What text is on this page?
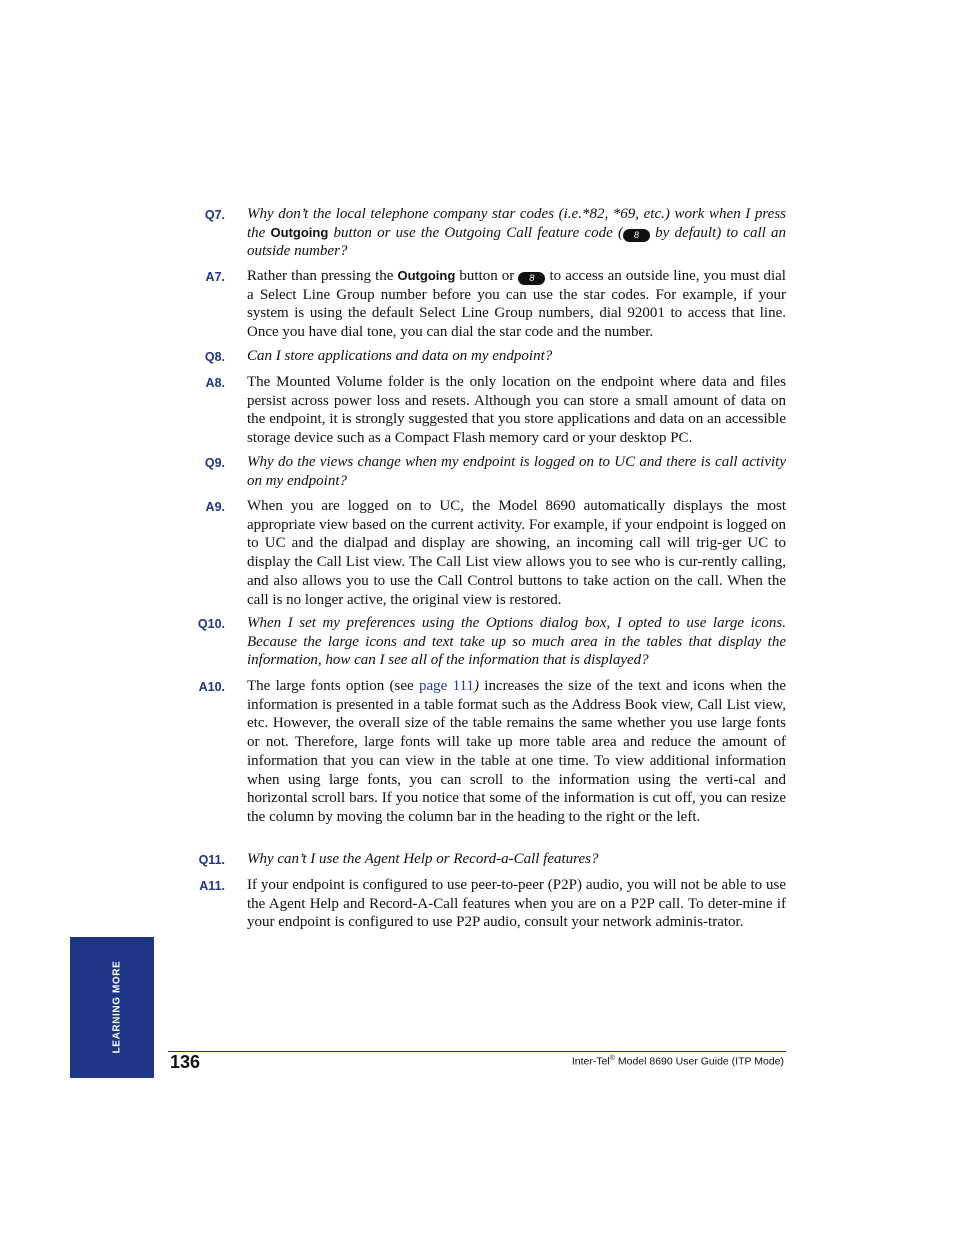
Q7. Why don’t the local telephone company star codes (i.e.*82, *69, etc.) work when I press the Outgoing button or use the Outgoing Call feature code ( 8 by default) to call an outside number?
A7. Rather than pressing the Outgoing button or 8 to access an outside line, you must dial a Select Line Group number before you can use the star codes. For example, if your system is using the default Select Line Group numbers, dial 92001 to access that line. Once you have dial tone, you can dial the star code and the number.
Q8. Can I store applications and data on my endpoint?
A8. The Mounted Volume folder is the only location on the endpoint where data and files persist across power loss and resets. Although you can store a small amount of data on the endpoint, it is strongly suggested that you store applications and data on an accessible storage device such as a Compact Flash memory card or your desktop PC.
Q9. Why do the views change when my endpoint is logged on to UC and there is call activity on my endpoint?
A9. When you are logged on to UC, the Model 8690 automatically displays the most appropriate view based on the current activity. For example, if your endpoint is logged on to UC and the dialpad and display are showing, an incoming call will trig-ger UC to display the Call List view. The Call List view allows you to see who is cur-rently calling, and also allows you to use the Call Control buttons to take action on the call. When the call is no longer active, the original view is restored.
Q10. When I set my preferences using the Options dialog box, I opted to use large icons. Because the large icons and text take up so much area in the tables that display the information, how can I see all of the information that is displayed?
A10. The large fonts option (see page 111) increases the size of the text and icons when the information is presented in a table format such as the Address Book view, Call List view, etc. However, the overall size of the table remains the same whether you use large fonts or not. Therefore, large fonts will take up more table area and reduce the amount of information that you can view in the table at one time. To view additional information when using large fonts, you can scroll to the information using the verti-cal and horizontal scroll bars. If you notice that some of the information is cut off, you can resize the column by moving the column bar in the heading to the right or the left.
Q11. Why can’t I use the Agent Help or Record-a-Call features?
A11. If your endpoint is configured to use peer-to-peer (P2P) audio, you will not be able to use the Agent Help and Record-A-Call features when you are on a P2P call. To deter-mine if your endpoint is configured to use P2P audio, consult your network adminis-trator.
LEARNING MORE
136	Inter-Tel® Model 8690 User Guide (ITP Mode)
